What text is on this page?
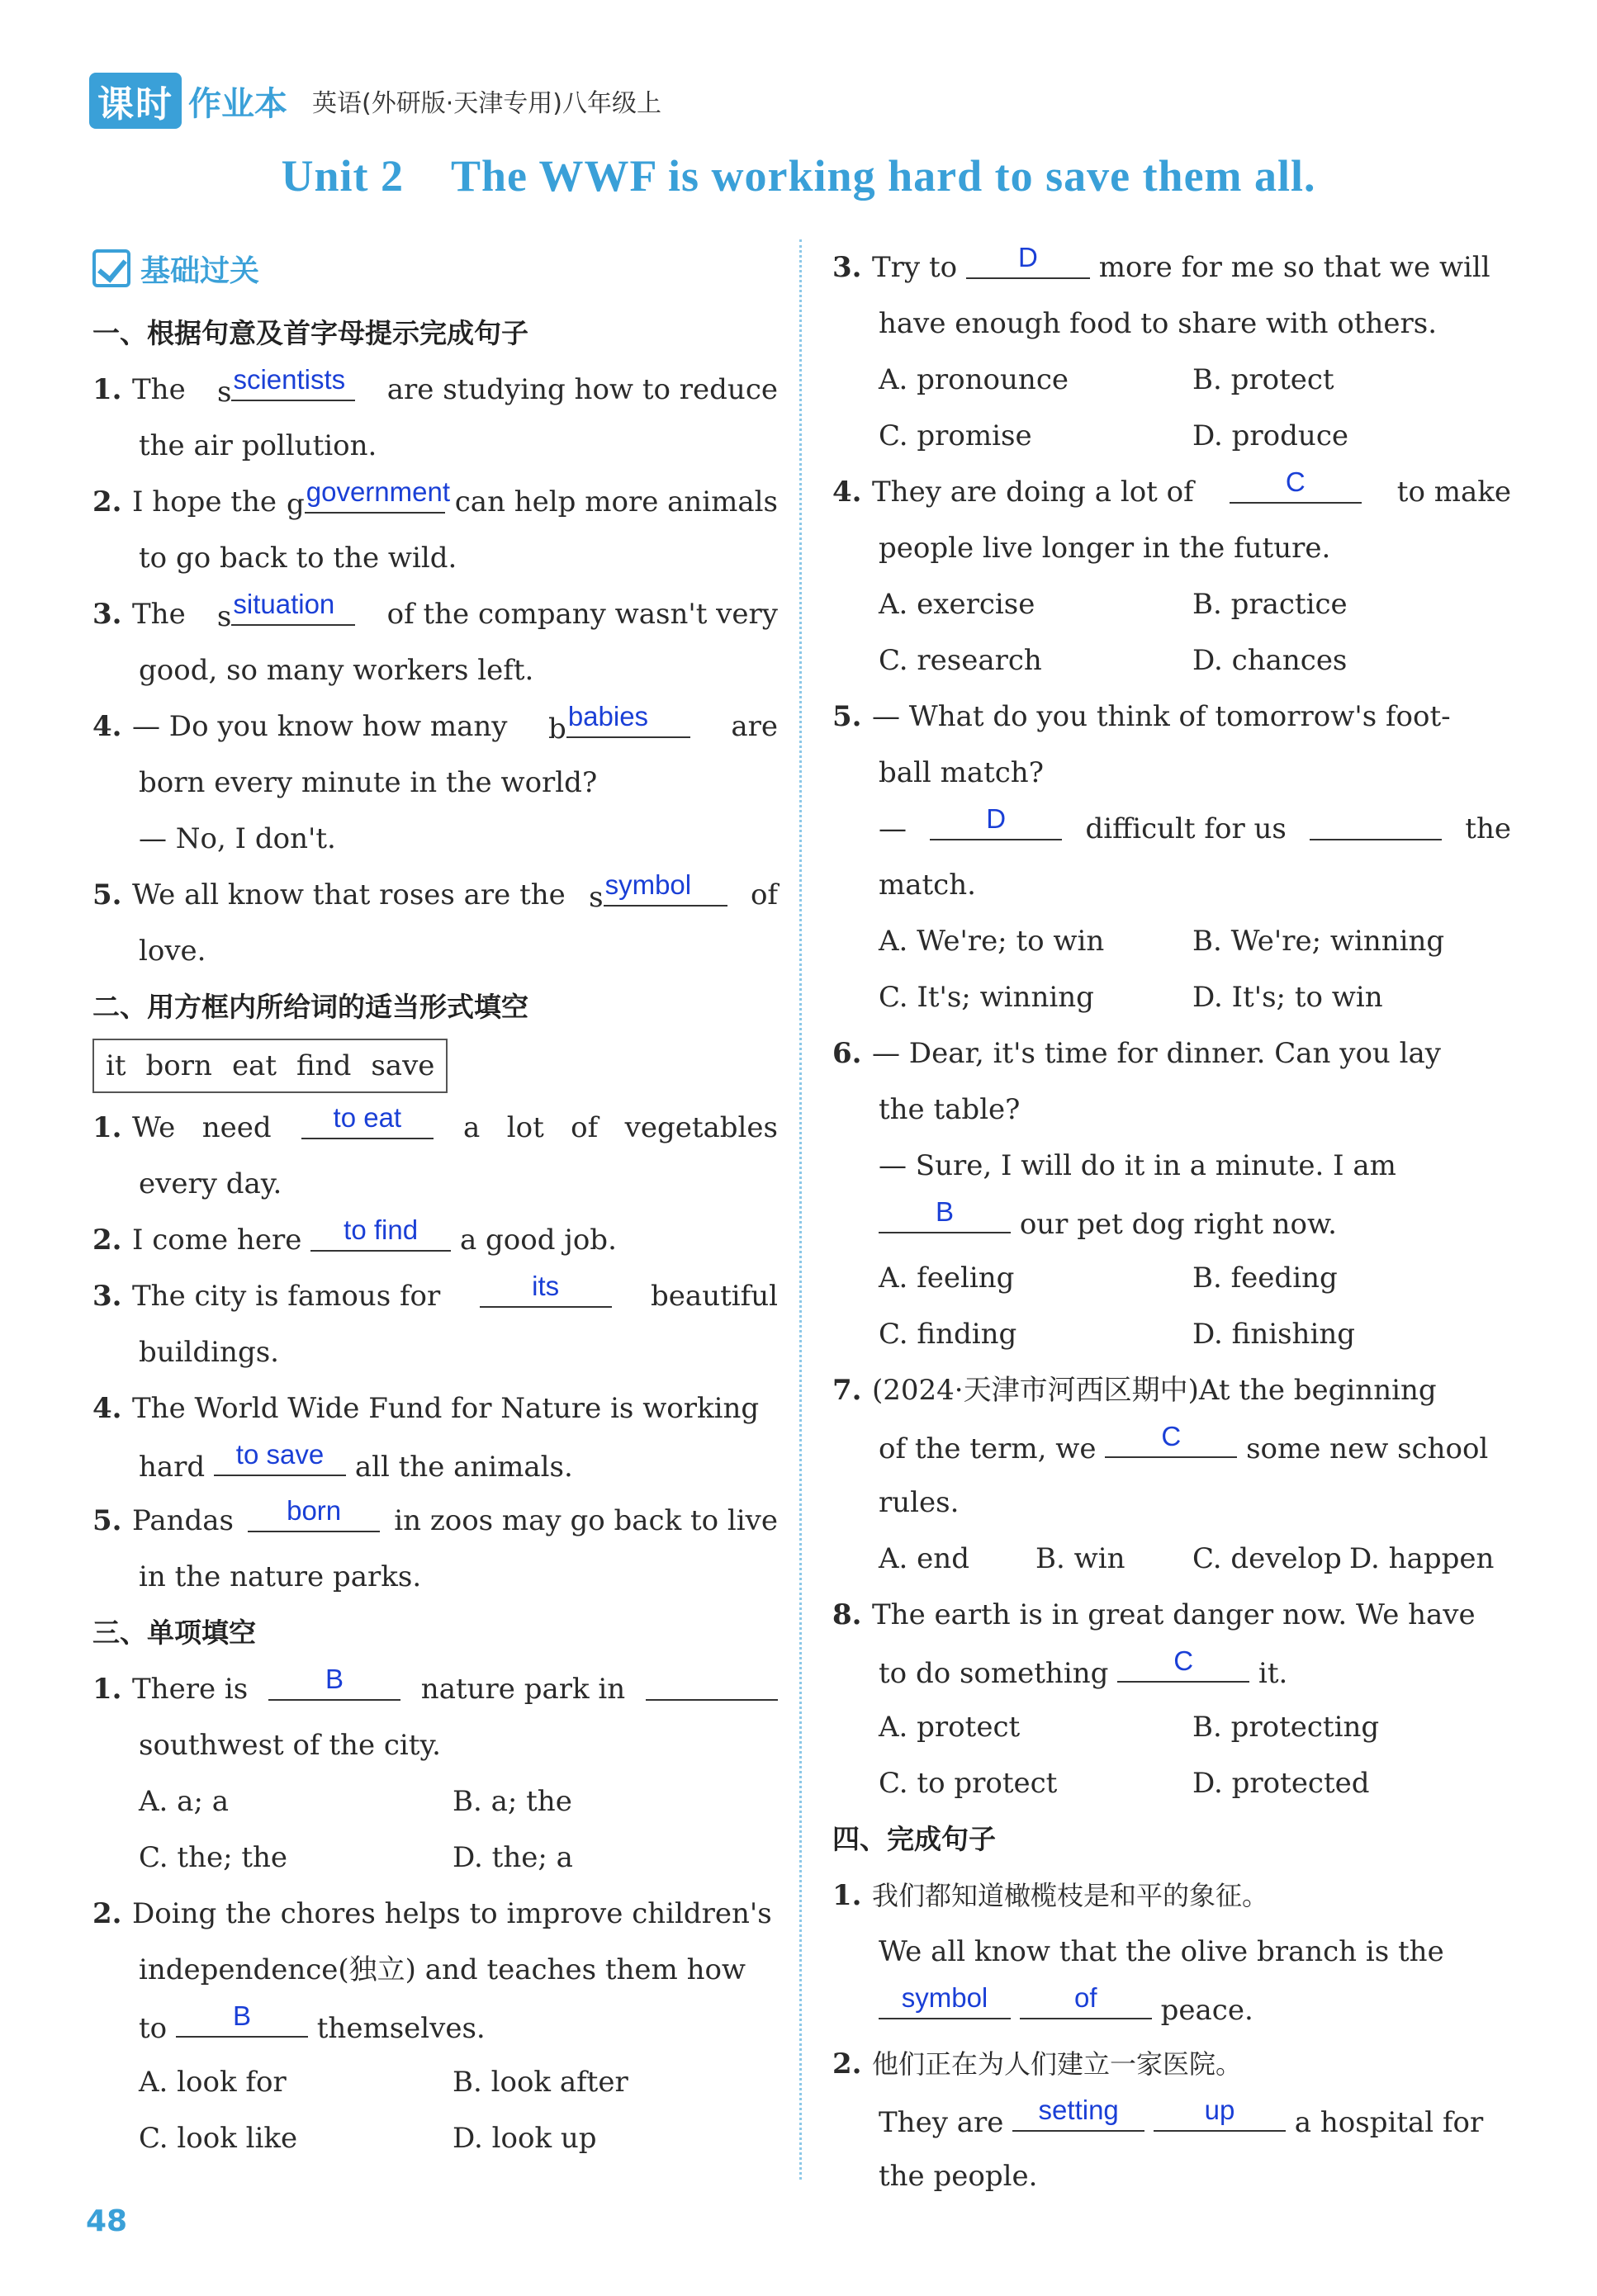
课时 作业本 英语(外研版·天津专用)八年级上
Unit 2    The WWF is working hard to save them all.
基础过关
一、根据句意及首字母提示完成句子
1. The s scientists	are studying how to reduce
the air pollution.
2. I hope the g government can help more animals
to go back to the wild.
3. The s situation	of the company wasn't very
good, so many workers left.
4. — Do you know how many b babies	are
born every minute in the world?
— No, I don't.
5. We all know that roses are the s symbol	of
love.
二、用方框内所给词的适当形式填空
it born eat find save
1. We   need	to eat	a   lot   of   vegetables
every day.
2. I come here
	to find
	a good job.
3. The city is famous for	its	beautiful
buildings.
4. The World Wide Fund for Nature is working
hard	to save	all the animals.
5. Pandas	born	in zoos may go back to live
in the nature parks.
三、单项填空
1. There is	B	nature park in
southwest of the city.
A. a; a	B. a; the
C. the; the	D. the; a
2. Doing the chores helps to improve children's
independence(独立) and teaches them how
to	B	themselves.
A. look for	B. look after
C. look like	D. look up
3. Try to
	D
	more for me so that we will
have enough food to share with others.
A. pronounce	B. protect
C. promise	D. produce
4. They are doing a lot of	C	to make
people live longer in the future.
A. exercise	B. practice
C. research	D. chances
5. — What do you think of tomorrow's foot-
ball match?
—	D	difficult for us	the
match.
A. We're; to win	B. We're; winning
C. It's; winning	D. It's; to win
6. — Dear, it's time for dinner. Can you lay
the table?
— Sure, I will do it in a minute. I am
B	our pet dog right now.
A. feeling	B. feeding
C. finding	D. finishing
7. (2024·天津市河西区期中)At the beginning
of the term, we	C	some new school
rules.
A. end	B. win	C. develop D. happen
8. The earth is in great danger now. We have
to do something	C	it.
A. protect	B. protecting
C. to protect	D. protected
四、完成句子
1. 我们都知道橄榄枝是和平的象征。
We all know that the olive branch is the
symbol
	of	peace.
2. 他们正在为人们建立一家医院。
They are	setting
	up	a hospital for
the people.
48
